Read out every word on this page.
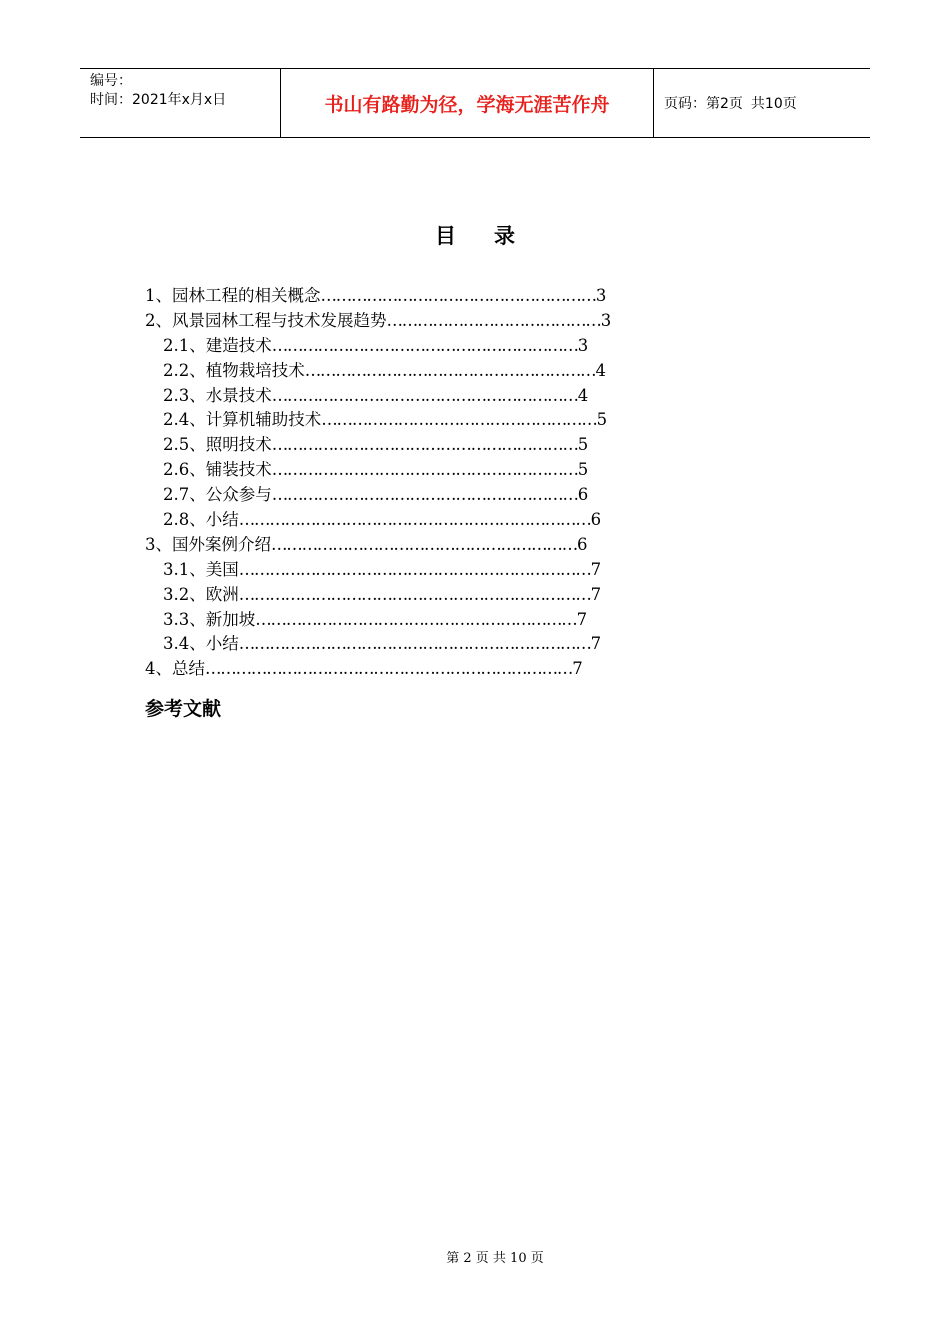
编号：
时间：2021年x月x日	书山有路勤为径，学海无涯苦作舟	页码：第2页 共10页
目 录
1、园林工程的相关概念………………………………………………3
2、风景园林工程与技术发展趋势……………………………………3
2.1、建造技术……………………………………………………3
2.2、植物栽培技术…………………………………………………4
2.3、水景技术……………………………………………………4
2.4、计算机辅助技术………………………………………………5
2.5、照明技术……………………………………………………5
2.6、铺装技术……………………………………………………5
2.7、公众参与……………………………………………………6
2.8、小结……………………………………………………………6
3、国外案例介绍……………………………………………………6
3.1、美国……………………………………………………………7
3.2、欧洲……………………………………………………………7
3.3、新加坡………………………………………………………7
3.4、小结……………………………………………………………7
4、总结………………………………………………………………7
参考文献
第 2 页 共 10 页
